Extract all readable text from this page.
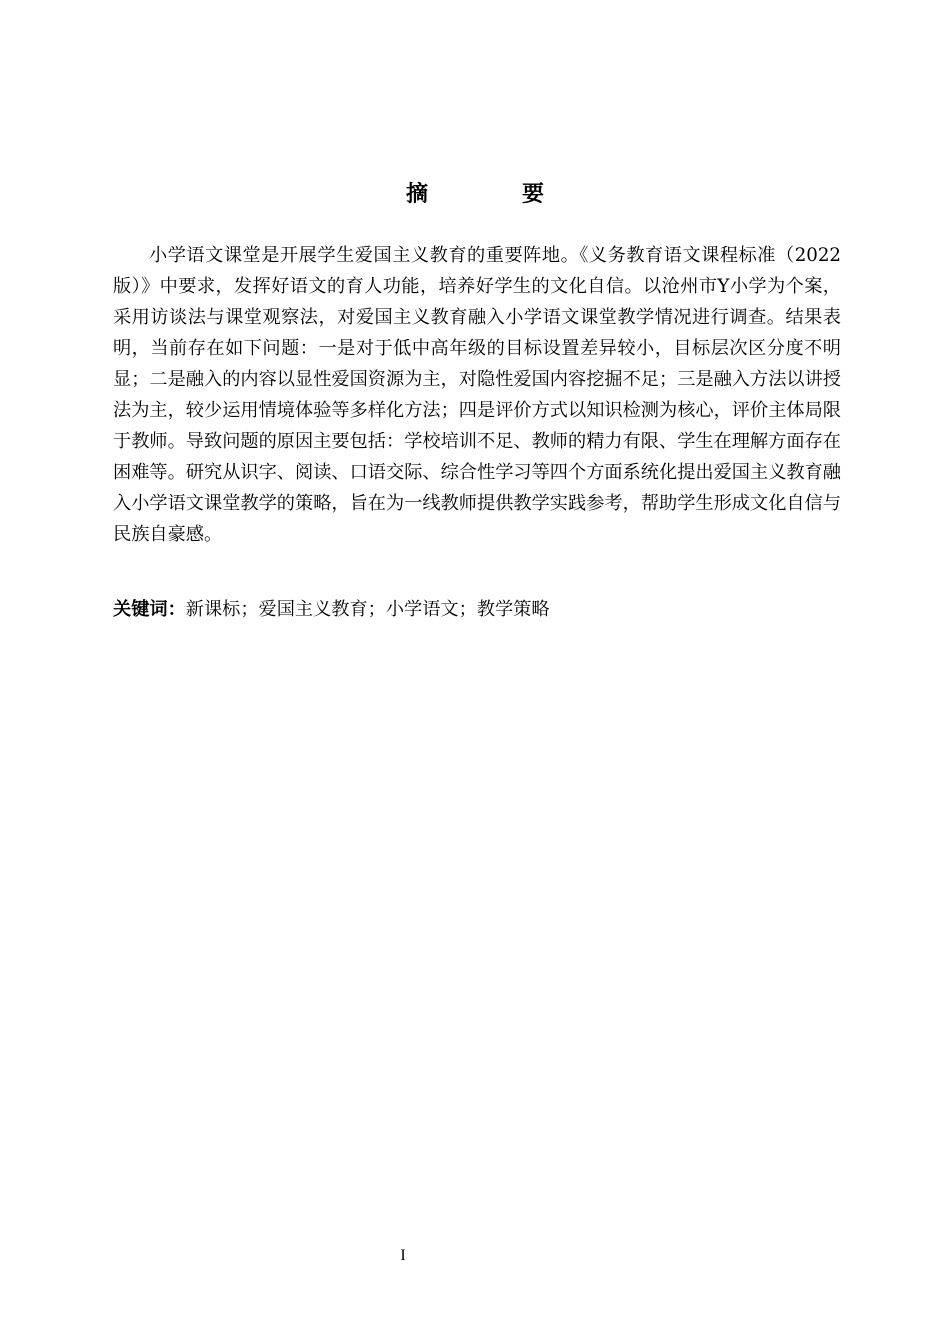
摘　要

小学语文课堂是开展学生爱国主义教育的重要阵地。《义务教育语文课程标准（2022版）》中要求，发挥好语文的育人功能，培养好学生的文化自信。以沧州市Y小学为个案，采用访谈法与课堂观察法，对爱国主义教育融入小学语文课堂教学情况进行调查。结果表明，当前存在如下问题：一是对于低中高年级的目标设置差异较小，目标层次区分度不明显；二是融入的内容以显性爱国资源为主，对隐性爱国内容挖掘不足；三是融入方法以讲授法为主，较少运用情境体验等多样化方法；四是评价方式以知识检测为核心，评价主体局限于教师。导致问题的原因主要包括：学校培训不足、教师的精力有限、学生在理解方面存在困难等。研究从识字、阅读、口语交际、综合性学习等四个方面系统化提出爱国主义教育融入小学语文课堂教学的策略，旨在为一线教师提供教学实践参考，帮助学生形成文化自信与民族自豪感。

关键词：新课标；爱国主义教育；小学语文；教学策略

I
